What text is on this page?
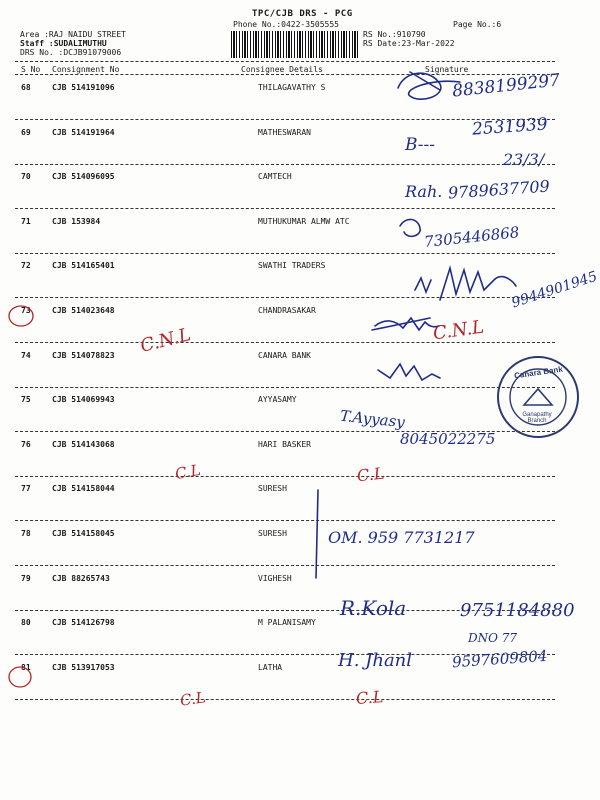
TPC/CJB DRS - PCG
Phone No.:0422-3505555	Page No.:6
Area :RAJ NAIDU STREET
Staff :SUDALIMUTHU
DRS No. :DCJB91079006
RS No.:910790
RS Date:23-Mar-2022
S No Consignment No	Consignee Details	Signature
68	CJB 514191096	THILAGAVATHY S
69	CJB 514191964	MATHESWARAN
70	CJB 514096095	CAMTECH
71	CJB 153984	MUTHUKUMAR ALMW ATC
72	CJB 514165401	SWATHI TRADERS
73	CJB 514023648	CHANDRASAKAR
74	CJB 514078823	CANARA BANK
75	CJB 514069943	AYYASAMY
76	CJB 514143068	HARI BASKER
77	CJB 514158044	SURESH
78	CJB 514158045	SURESH
79	CJB 88265743	VIGHESH
80	CJB 514126798	M PALANISAMY
81	CJB 513917053	LATHA
8838199297
2531939
B---
23/3/
Rah. 9789637709
7305446868
9944901945
C.N.L	C.N.L
T.Ayyasy
8045022275
C.L	C.L
OM. 959 7731217
R.Kola	9751184880
DNO 77
H. Jhanl	9597609804
C.L	C.L
Canara Bank
Ganapathy Branch
